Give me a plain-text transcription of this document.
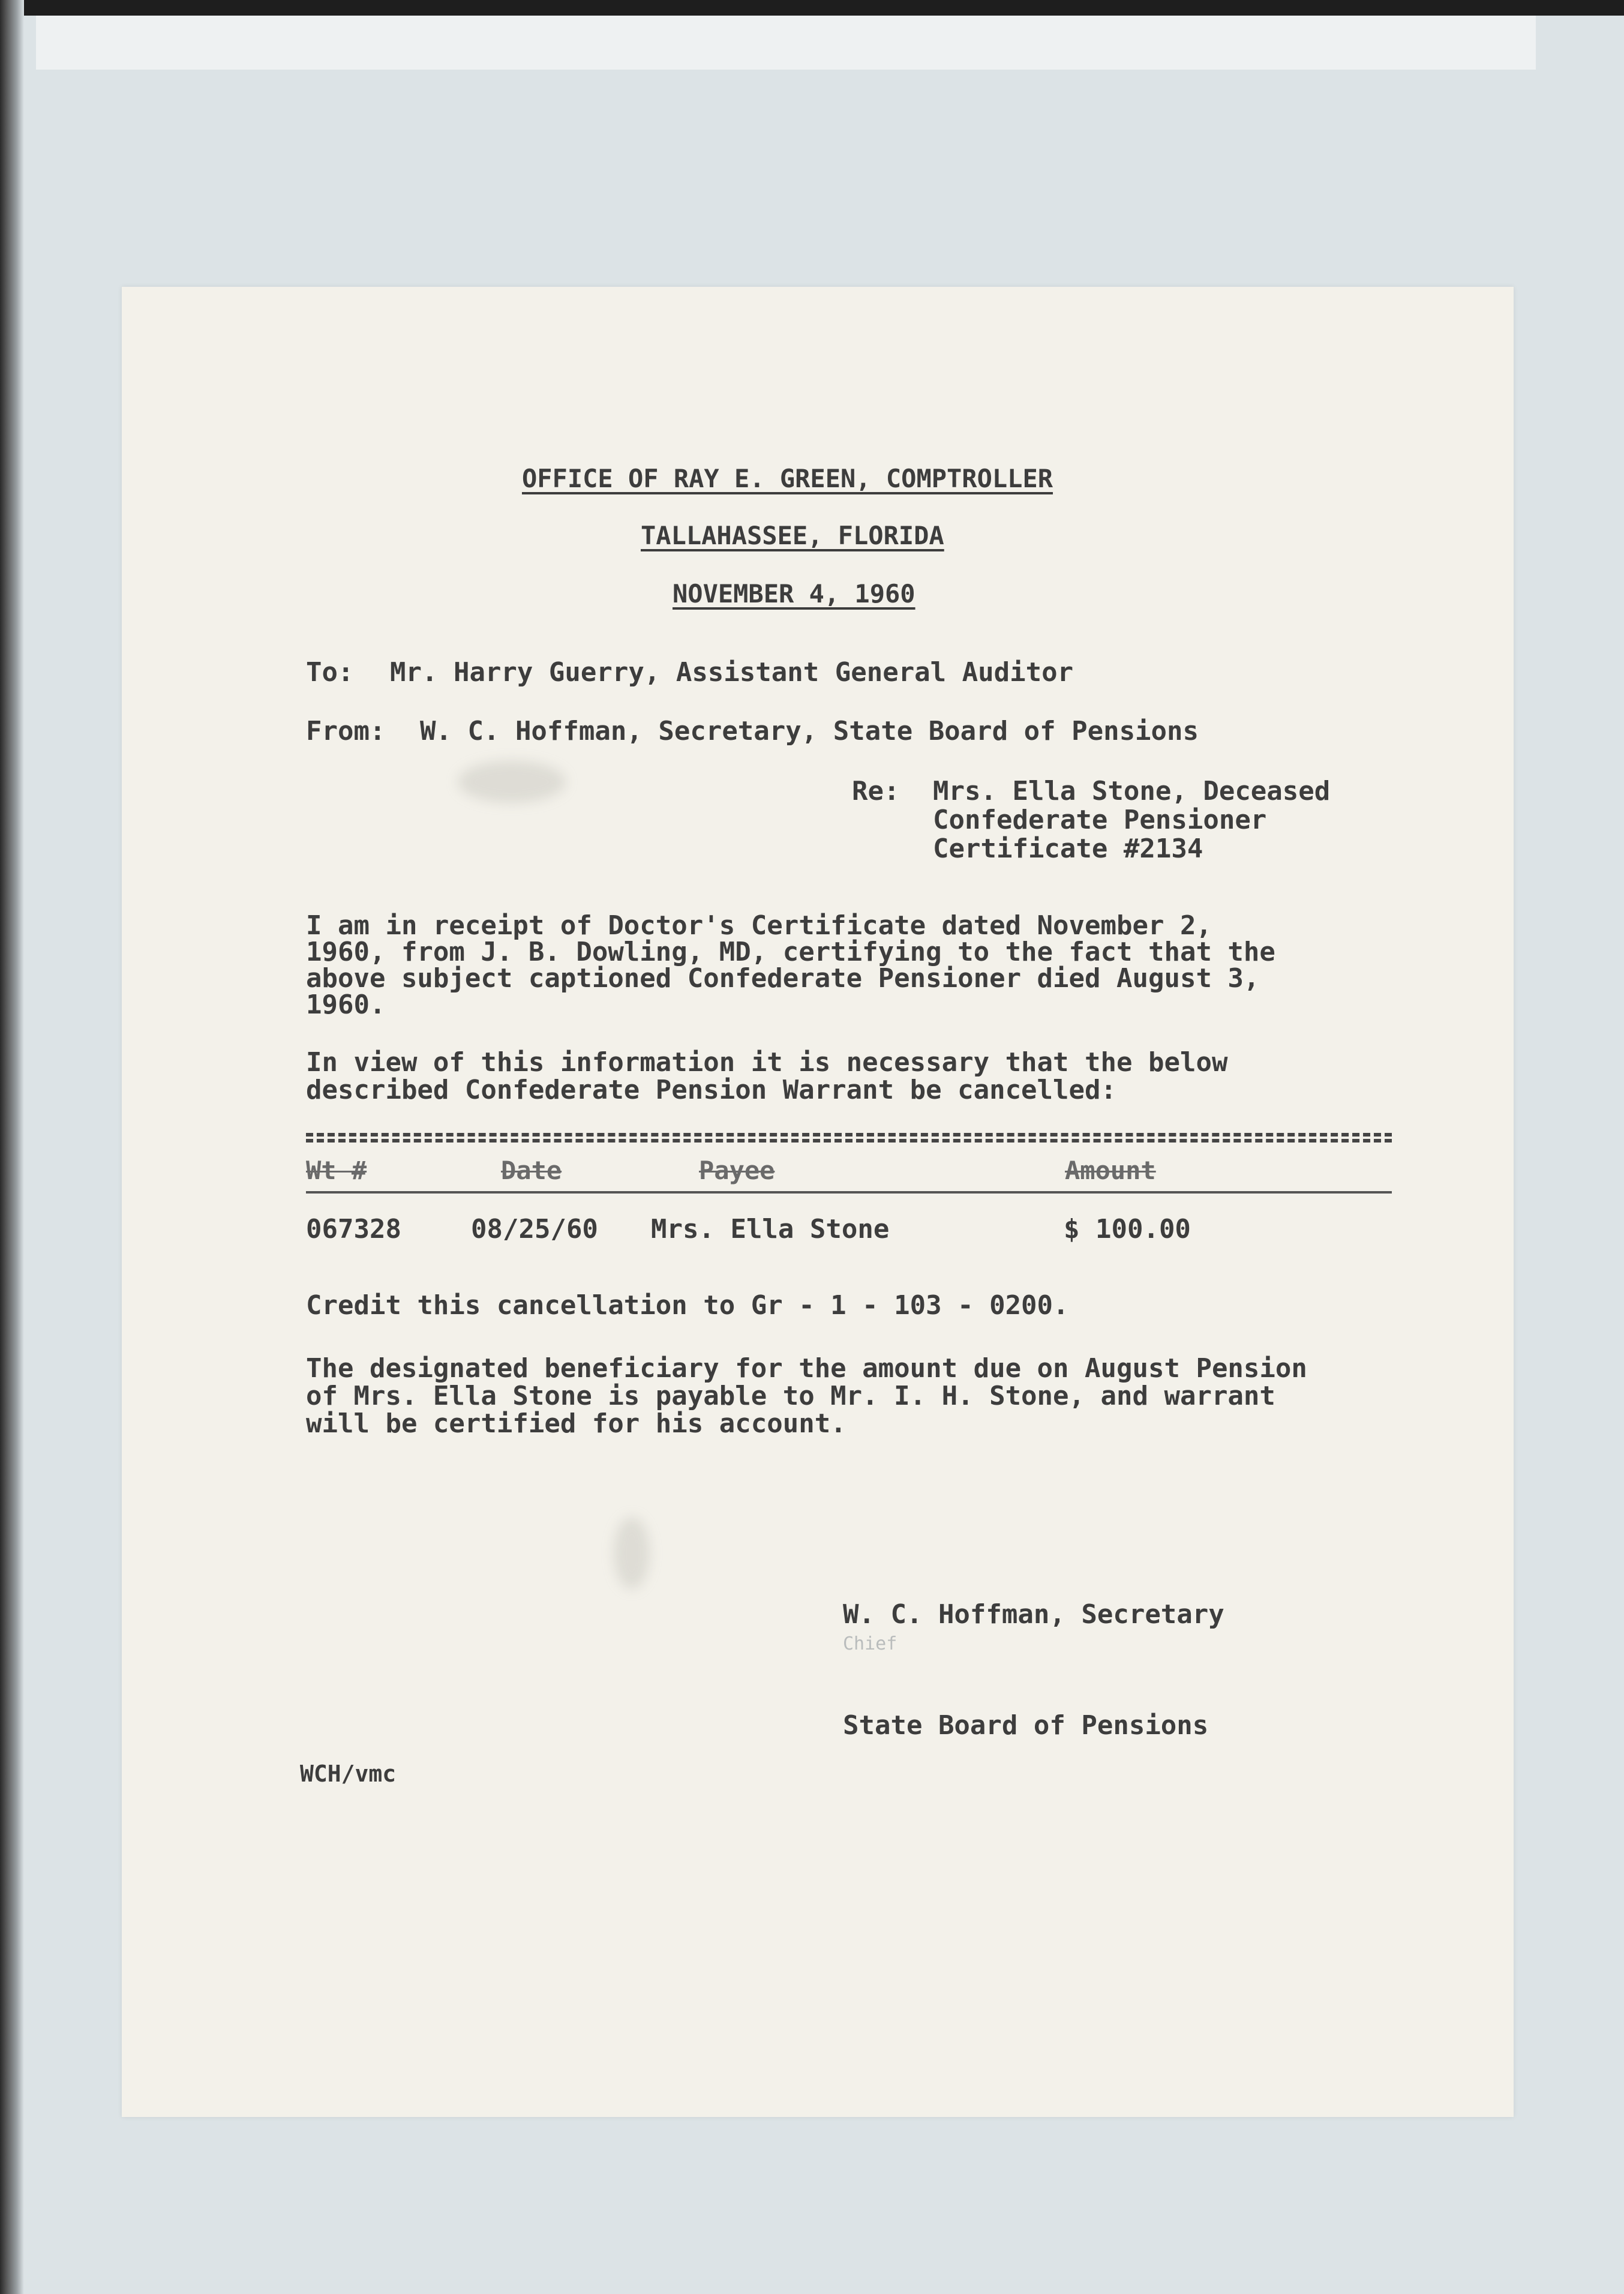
OFFICE OF RAY E. GREEN, COMPTROLLER

TALLAHASSEE, FLORIDA

NOVEMBER 4, 1960

To: Mr. Harry Guerry, Assistant General Auditor

From: W. C. Hoffman, Secretary, State Board of Pensions

Re: Mrs. Ella Stone, Deceased

Confederate Pensioner

Certificate #2134

I am in receipt of Doctor's Certificate dated November 2,

1960, from J. B. Dowling, MD, certifying to the fact that the

above subject captioned Confederate Pensioner died August 3,

1960.

In view of this information it is necessary that the below

described Confederate Pension Warrant be cancelled:

Wt #	Date	Payee	Amount

067328	08/25/60 Mrs. Ella Stone	$ 100.00

Credit this cancellation to Gr - 1 - 103 - 0200.

The designated beneficiary for the amount due on August Pension

of Mrs. Ella Stone is payable to Mr. I. H. Stone, and warrant

will be certified for his account.

W. C. Hoffman, Secretary

Chief

State Board of Pensions

WCH/vmc
